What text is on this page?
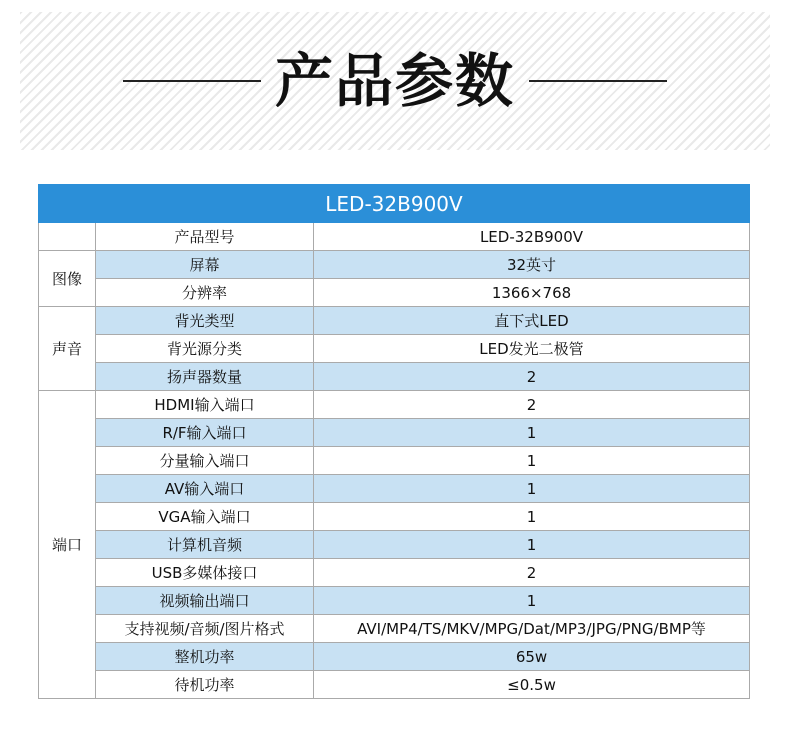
产品参数
LED-32B900V		
	产品型号	LED-32B900V
图像	屏幕	32英寸
	分辨率	1366×768
声音	背光类型	直下式LED
	背光源分类	LED发光二极管
	扬声器数量	2
端口	HDMI输入端口	2
	R/F输入端口	1
	分量输入端口	1
	AV输入端口	1
	VGA输入端口	1
	计算机音频	1
	USB多媒体接口	2
	视频输出端口	1
	支持视频/音频/图片格式	AVI/MP4/TS/MKV/MPG/Dat/MP3/JPG/PNG/BMP等
	整机功率	65w
	待机功率	≤0.5w
